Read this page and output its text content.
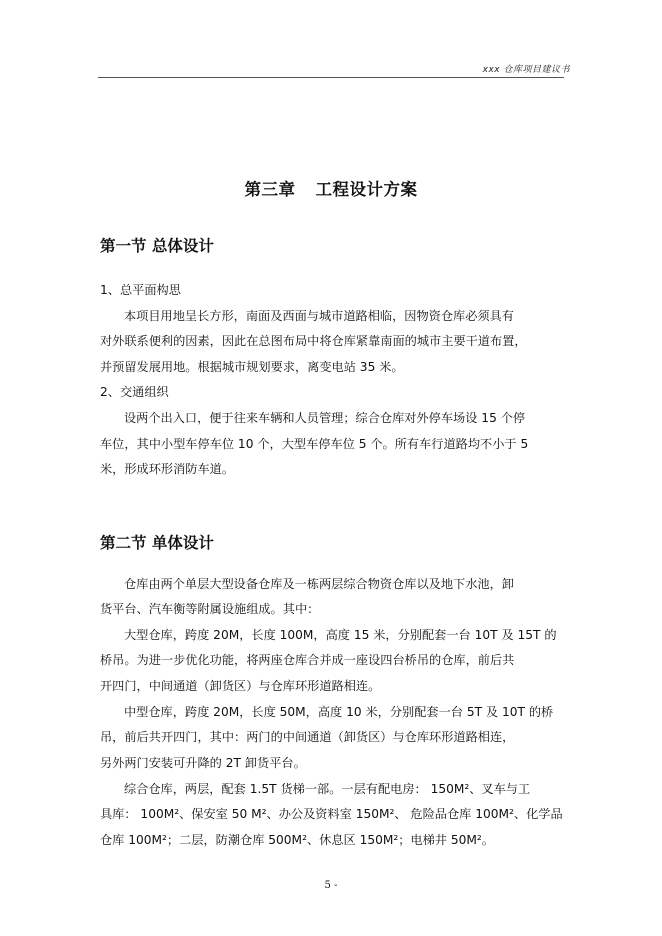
xxx 仓库项目建议书
第三章 工程设计方案
第一节 总体设计
1、总平面构思
本项目用地呈长方形，南面及西面与城市道路相临，因物资仓库必须具有
对外联系便利的因素，因此在总图布局中将仓库紧靠南面的城市主要干道布置，
并预留发展用地。根据城市规划要求，离变电站 35 米。
2、交通组织
设两个出入口，便于往来车辆和人员管理；综合仓库对外停车场设 15 个停
车位，其中小型车停车位 10 个，大型车停车位 5 个。所有车行道路均不小于 5
米，形成环形消防车道。
第二节 单体设计
仓库由两个单层大型设备仓库及一栋两层综合物资仓库以及地下水池，卸
货平台、汽车衡等附属设施组成。其中：
大型仓库，跨度 20M，长度 100M，高度 15 米，分别配套一台 10T 及 15T 的
桥吊。为进一步优化功能，将两座仓库合并成一座设四台桥吊的仓库，前后共
开四门，中间通道（卸货区）与仓库环形道路相连。
中型仓库，跨度 20M，长度 50M，高度 10 米，分别配套一台 5T 及 10T 的桥
吊，前后共开四门，其中：两门的中间通道（卸货区）与仓库环形道路相连，
另外两门安装可升降的 2T 卸货平台。
综合仓库，两层，配套 1.5T 货梯一部。一层有配电房： 150M²、叉车与工
具库： 100M²、保安室 50 M²、办公及资料室 150M²、 危险品仓库 100M²、化学品
仓库 100M²；二层，防潮仓库 500M²、休息区 150M²；电梯井 50M²。
5 -
